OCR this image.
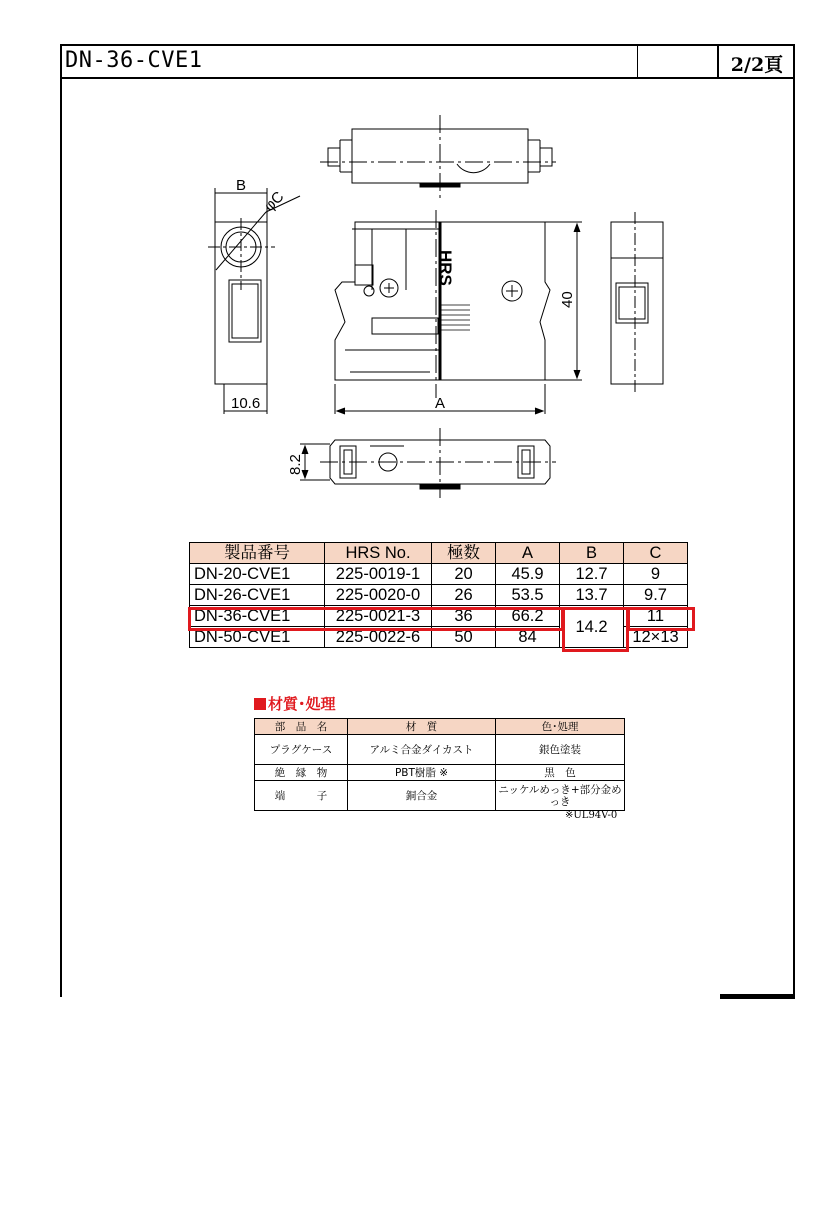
DN-36-CVE1	2/2頁
B
φC
40
A
10.6
8.2
HRS
製品番号	HRS No.	極数	A	B	C
DN-20-CVE1	225-0019-1	20	45.9	12.7	9
DN-26-CVE1	225-0020-0	26	53.5	13.7	9.7
DN-36-CVE1	225-0021-3	36	66.2	14.2	11
DN-50-CVE1	225-0022-6	50	84		12×13
材質･処理
部　品　名	材　質	色･処理
プラグケース	アルミ合金ダイカスト	銀色塗装
絶　縁　物	PBT樹脂 ※	黒　色
端　　　子	銅合金	ニッケルめっき+部分金めっき
※UL94V-0
